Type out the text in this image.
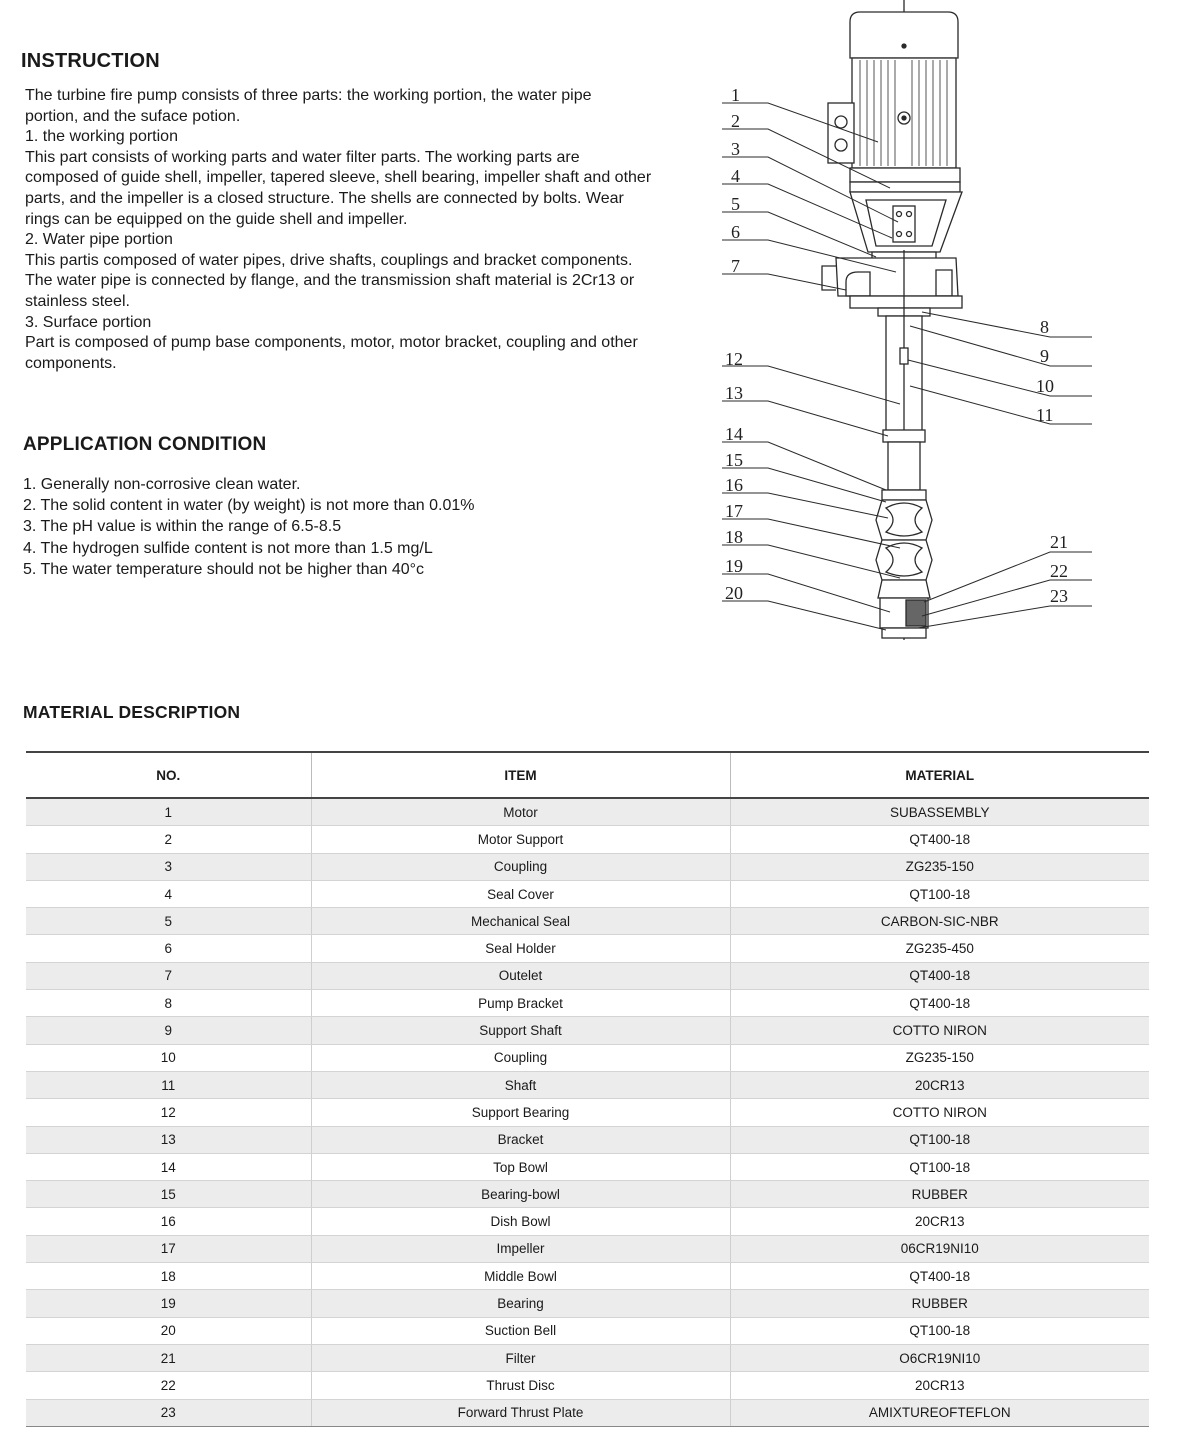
INSTRUCTION
The turbine fire pump consists of three parts: the working portion, the water pipe
portion, and the suface potion.
1. the working portion
This part consists of working parts and water filter parts. The working parts are
composed of guide shell, impeller, tapered sleeve, shell bearing, impeller shaft and other
parts, and the impeller is a closed structure. The shells are connected by bolts. Wear
rings can be equipped on the guide shell and impeller.
2. Water pipe portion
This partis composed of water pipes, drive shafts, couplings and bracket components.
The water pipe is connected by flange, and the transmission shaft material is 2Cr13 or
stainless steel.
3. Surface portion
Part is composed of pump base components, motor, motor bracket, coupling and other
components.
APPLICATION CONDITION
1. Generally non-corrosive clean water.
2. The solid content in water (by weight) is not more than 0.01%
3. The pH value is within the range of 6.5-8.5
4. The hydrogen sulfide content is not more than 1.5 mg/L
5. The water temperature should not be higher than 40°c
1
2
3
4
5
6
7
8
9
10
11
12
13
14
15
16
17
18
19
20
21
22
23
MATERIAL DESCRIPTION
NO.	ITEM	MATERIAL
1	Motor	SUBASSEMBLY
2	Motor Support	QT400-18
3	Coupling	ZG235-150
4	Seal Cover	QT100-18
5	Mechanical Seal	CARBON-SIC-NBR
6	Seal Holder	ZG235-450
7	Outelet	QT400-18
8	Pump Bracket	QT400-18
9	Support Shaft	COTTO NIRON
10	Coupling	ZG235-150
11	Shaft	20CR13
12	Support Bearing	COTTO NIRON
13	Bracket	QT100-18
14	Top Bowl	QT100-18
15	Bearing-bowl	RUBBER
16	Dish Bowl	20CR13
17	Impeller	06CR19NI10
18	Middle Bowl	QT400-18
19	Bearing	RUBBER
20	Suction Bell	QT100-18
21	Filter	O6CR19NI10
22	Thrust Disc	20CR13
23	Forward Thrust Plate	AMIXTUREOFTEFLON
